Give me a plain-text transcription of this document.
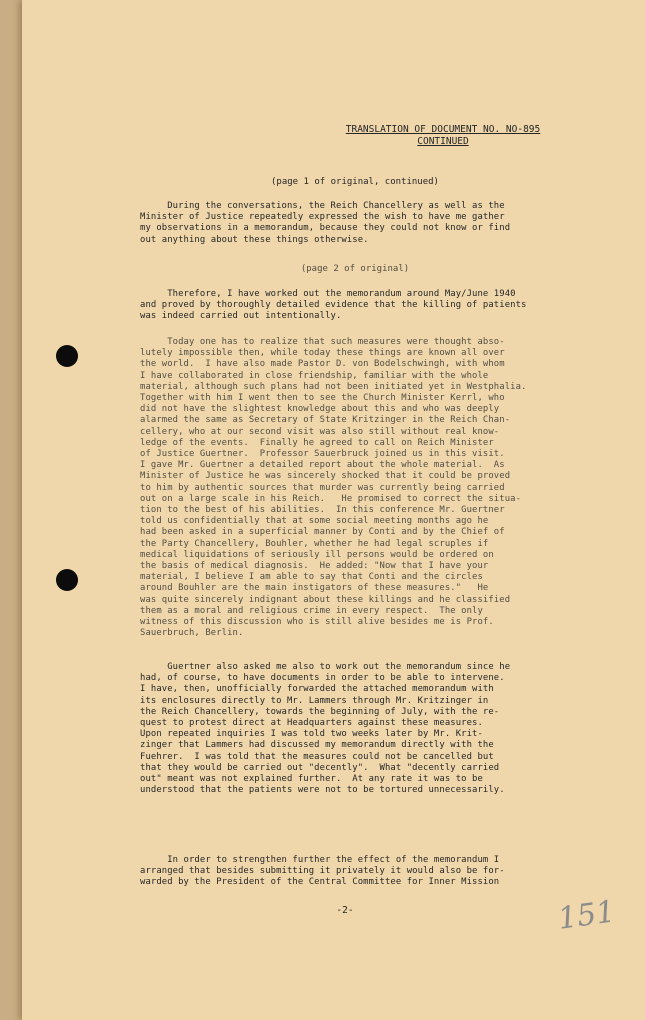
TRANSLATION OF DOCUMENT NO. NO-895
CONTINUED
(page 1 of original, continued)
During the conversations, the Reich Chancellery as well as the
Minister of Justice repeatedly expressed the wish to have me gather
my observations in a memorandum, because they could not know or find
out anything about these things otherwise.
(page 2 of original)
Therefore, I have worked out the memorandum around May/June 1940
and proved by thoroughly detailed evidence that the killing of patients
was indeed carried out intentionally.
Today one has to realize that such measures were thought abso-
lutely impossible then, while today these things are known all over
the world.  I have also made Pastor D. von Bodelschwingh, with whom
I have collaborated in close friendship, familiar with the whole
material, although such plans had not been initiated yet in Westphalia.
Together with him I went then to see the Church Minister Kerrl, who
did not have the slightest knowledge about this and who was deeply
alarmed the same as Secretary of State Kritzinger in the Reich Chan-
cellery, who at our second visit was also still without real know-
ledge of the events.  Finally he agreed to call on Reich Minister
of Justice Guertner.  Professor Sauerbruck joined us in this visit.
I gave Mr. Guertner a detailed report about the whole material.  As
Minister of Justice he was sincerely shocked that it could be proved
to him by authentic sources that murder was currently being carried
out on a large scale in his Reich.   He promised to correct the situa-
tion to the best of his abilities.  In this conference Mr. Guertner
told us confidentially that at some social meeting months ago he
had been asked in a superficial manner by Conti and by the Chief of
the Party Chancellery, Bouhler, whether he had legal scruples if
medical liquidations of seriously ill persons would be ordered on
the basis of medical diagnosis.  He added: "Now that I have your
material, I believe I am able to say that Conti and the circles
around Bouhler are the main instigators of these measures."   He
was quite sincerely indignant about these killings and he classified
them as a moral and religious crime in every respect.  The only
witness of this discussion who is still alive besides me is Prof.
Sauerbruch, Berlin.
Guertner also asked me also to work out the memorandum since he
had, of course, to have documents in order to be able to intervene.
I have, then, unofficially forwarded the attached memorandum with
its enclosures directly to Mr. Lammers through Mr. Kritzinger in
the Reich Chancellery, towards the beginning of July, with the re-
quest to protest direct at Headquarters against these measures.
Upon repeated inquiries I was told two weeks later by Mr. Krit-
zinger that Lammers had discussed my memorandum directly with the
Fuehrer.  I was told that the measures could not be cancelled but
that they would be carried out "decently".  What "decently carried
out" meant was not explained further.  At any rate it was to be
understood that the patients were not to be tortured unnecessarily.
In order to strengthen further the effect of the memorandum I
arranged that besides submitting it privately it would also be for-
warded by the President of the Central Committee for Inner Mission
-2-	151
